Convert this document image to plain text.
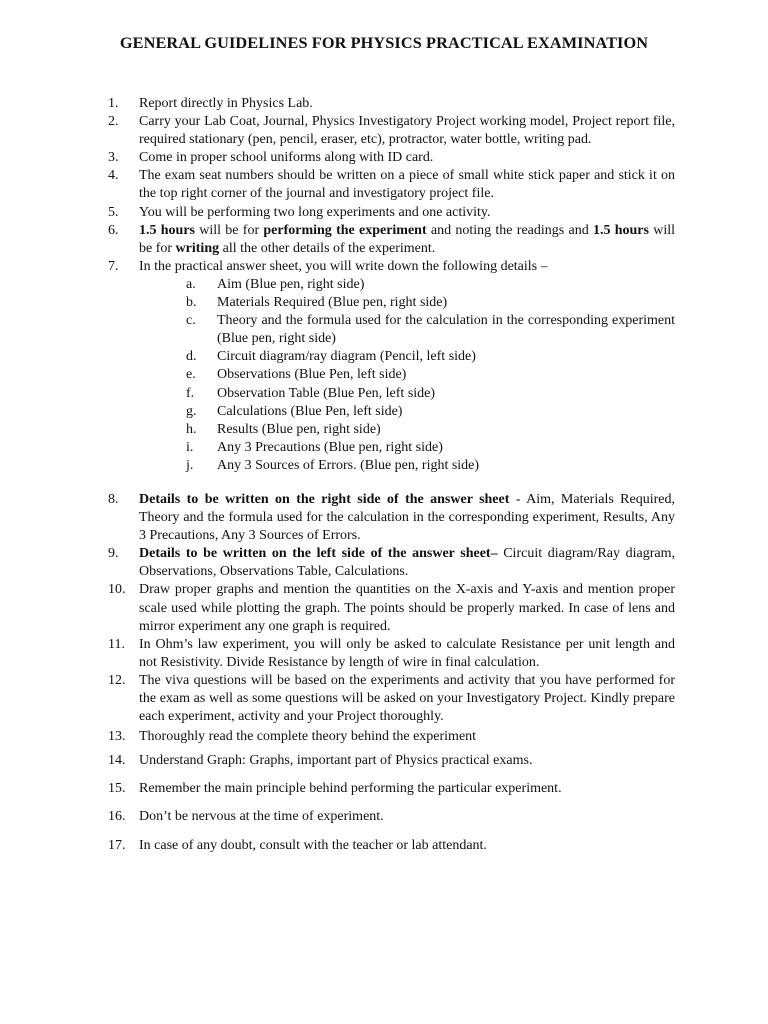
GENERAL GUIDELINES FOR PHYSICS PRACTICAL EXAMINATION
1.	Report directly in Physics Lab.
2.	Carry your Lab Coat, Journal, Physics Investigatory Project working model, Project report file, required stationary (pen, pencil, eraser, etc), protractor, water bottle, writing pad.
3.	Come in proper school uniforms along with ID card.
4.	The exam seat numbers should be written on a piece of small white stick paper and stick it on the top right corner of the journal and investigatory project file.
5.	You will be performing two long experiments and one activity.
6.	1.5 hours will be for performing the experiment and noting the readings and 1.5 hours will be for writing all the other details of the experiment.
7.	In the practical answer sheet, you will write down the following details –
a.	Aim (Blue pen, right side)
b.	Materials Required (Blue pen, right side)
c.	Theory and the formula used for the calculation in the corresponding experiment (Blue pen, right side)
d.	Circuit diagram/ray diagram (Pencil, left side)
e.	Observations (Blue Pen, left side)
f.	Observation Table (Blue Pen, left side)
g.	Calculations (Blue Pen, left side)
h.	Results (Blue pen, right side)
i.	Any 3 Precautions (Blue pen, right side)
j.	Any 3 Sources of Errors. (Blue pen, right side)
8.	Details to be written on the right side of the answer sheet - Aim, Materials Required, Theory and the formula used for the calculation in the corresponding experiment, Results, Any 3 Precautions, Any 3 Sources of Errors.
9.	Details to be written on the left side of the answer sheet– Circuit diagram/Ray diagram, Observations, Observations Table, Calculations.
10. Draw proper graphs and mention the quantities on the X-axis and Y-axis and mention proper scale used while plotting the graph. The points should be properly marked. In case of lens and mirror experiment any one graph is required.
11.	In Ohm’s law experiment, you will only be asked to calculate Resistance per unit length and not Resistivity. Divide Resistance by length of wire in final calculation.
12. The viva questions will be based on the experiments and activity that you have performed for the exam as well as some questions will be asked on your Investigatory Project. Kindly prepare each experiment, activity and your Project thoroughly.
13. Thoroughly read the complete theory behind the experiment
14. Understand Graph: Graphs, important part of Physics practical exams.
15. Remember the main principle behind performing the particular experiment.
16. Don’t be nervous at the time of experiment.
17. In case of any doubt, consult with the teacher or lab attendant.
